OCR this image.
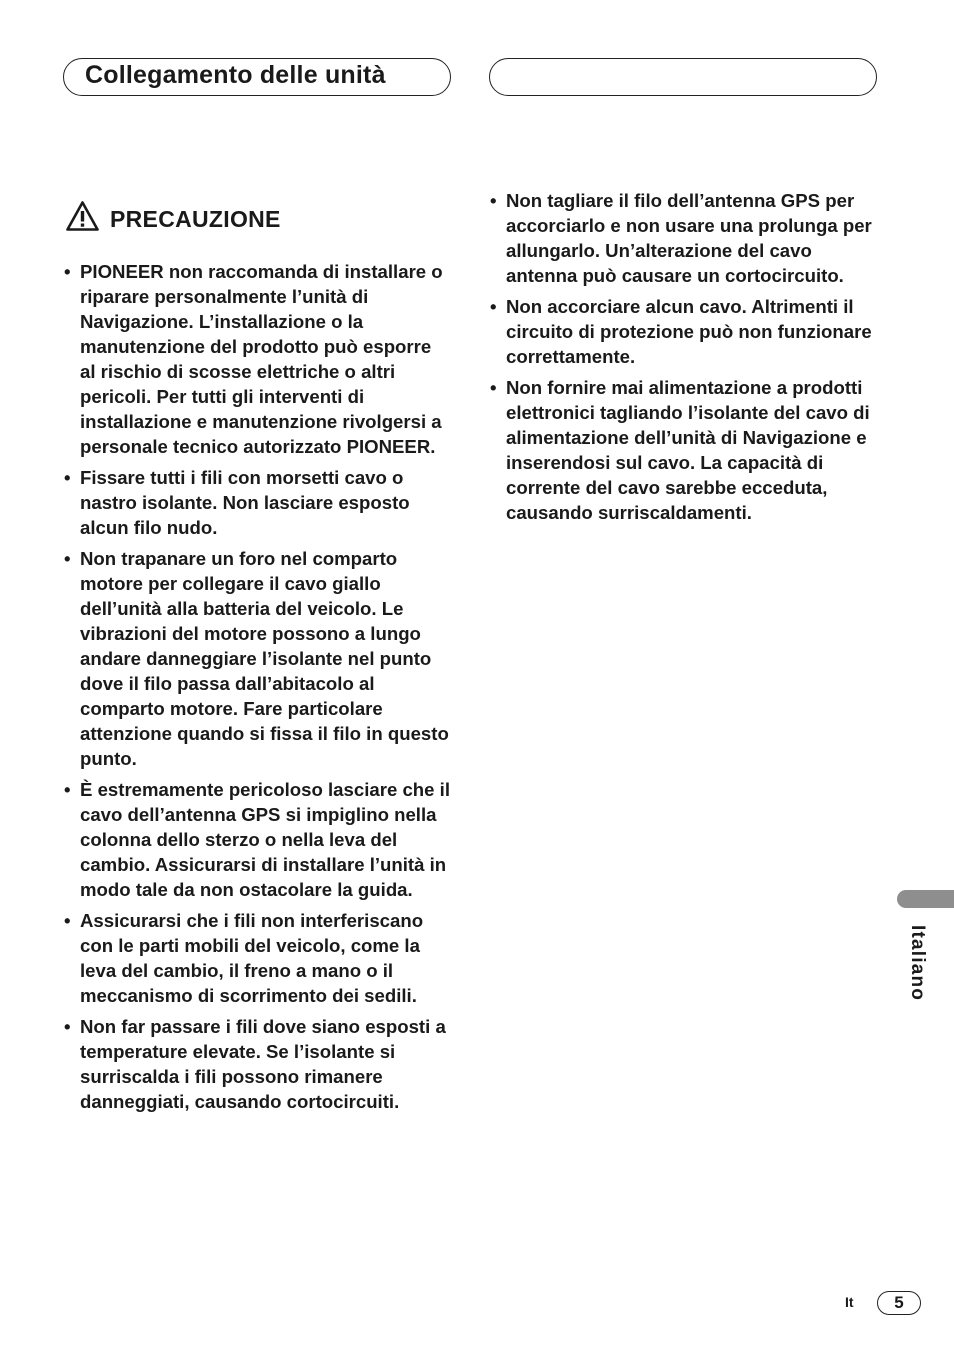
Collegamento delle unità
PRECAUZIONE
• PIONEER non raccomanda di installare o riparare personalmente l’unità di Navigazione. L’installazione o la manutenzione del prodotto può esporre al rischio di scosse elettriche o altri pericoli. Per tutti gli interventi di installazione e manutenzione rivolgersi a personale tecnico autorizzato PIONEER.
• Fissare tutti i fili con morsetti cavo o nastro isolante. Non lasciare esposto alcun filo nudo.
• Non trapanare un foro nel comparto motore per collegare il cavo giallo dell’unità alla batteria del veicolo. Le vibrazioni del motore possono a lungo andare danneggiare l’isolante nel punto dove il filo passa dall’abitacolo al comparto motore. Fare particolare attenzione quando si fissa il filo in questo punto.
• È estremamente pericoloso lasciare che il cavo dell’antenna GPS si impiglino nella colonna dello sterzo o nella leva del cambio. Assicurarsi di installare l’unità in modo tale da non ostacolare la guida.
• Assicurarsi che i fili non interferiscano con le parti mobili del veicolo, come la leva del cambio, il freno a mano o il meccanismo di scorrimento dei sedili.
• Non far passare i fili dove siano esposti a temperature elevate. Se l’isolante si surriscalda i fili possono rimanere danneggiati, causando cortocircuiti.
• Non tagliare il filo dell’antenna GPS per accorciarlo e non usare una prolunga per allungarlo. Un’alterazione del cavo antenna può causare un cortocircuito.
• Non accorciare alcun cavo. Altrimenti il circuito di protezione può non funzionare correttamente.
• Non fornire mai alimentazione a prodotti elettronici tagliando l’isolante del cavo di alimentazione dell’unità di Navigazione e inserendosi sul cavo. La capacità di corrente del cavo sarebbe ecceduta, causando surriscaldamenti.
Italiano
It	5
